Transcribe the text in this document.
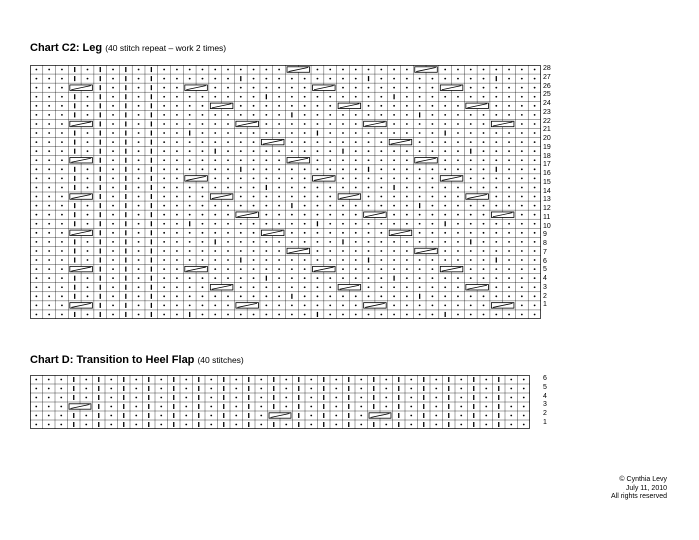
Chart C2: Leg (40 stitch repeat – work 2 times)
28
27
26
25
24
23
22
21
20
19
18
17
16
15
14
13
12
11
10
9
8
7
6
5
4
3
2
1
Chart D: Transition to Heel Flap (40 stitches)
6
5
4
3
2
1
© Cynthia Levy
July 11, 2010
All rights reserved
